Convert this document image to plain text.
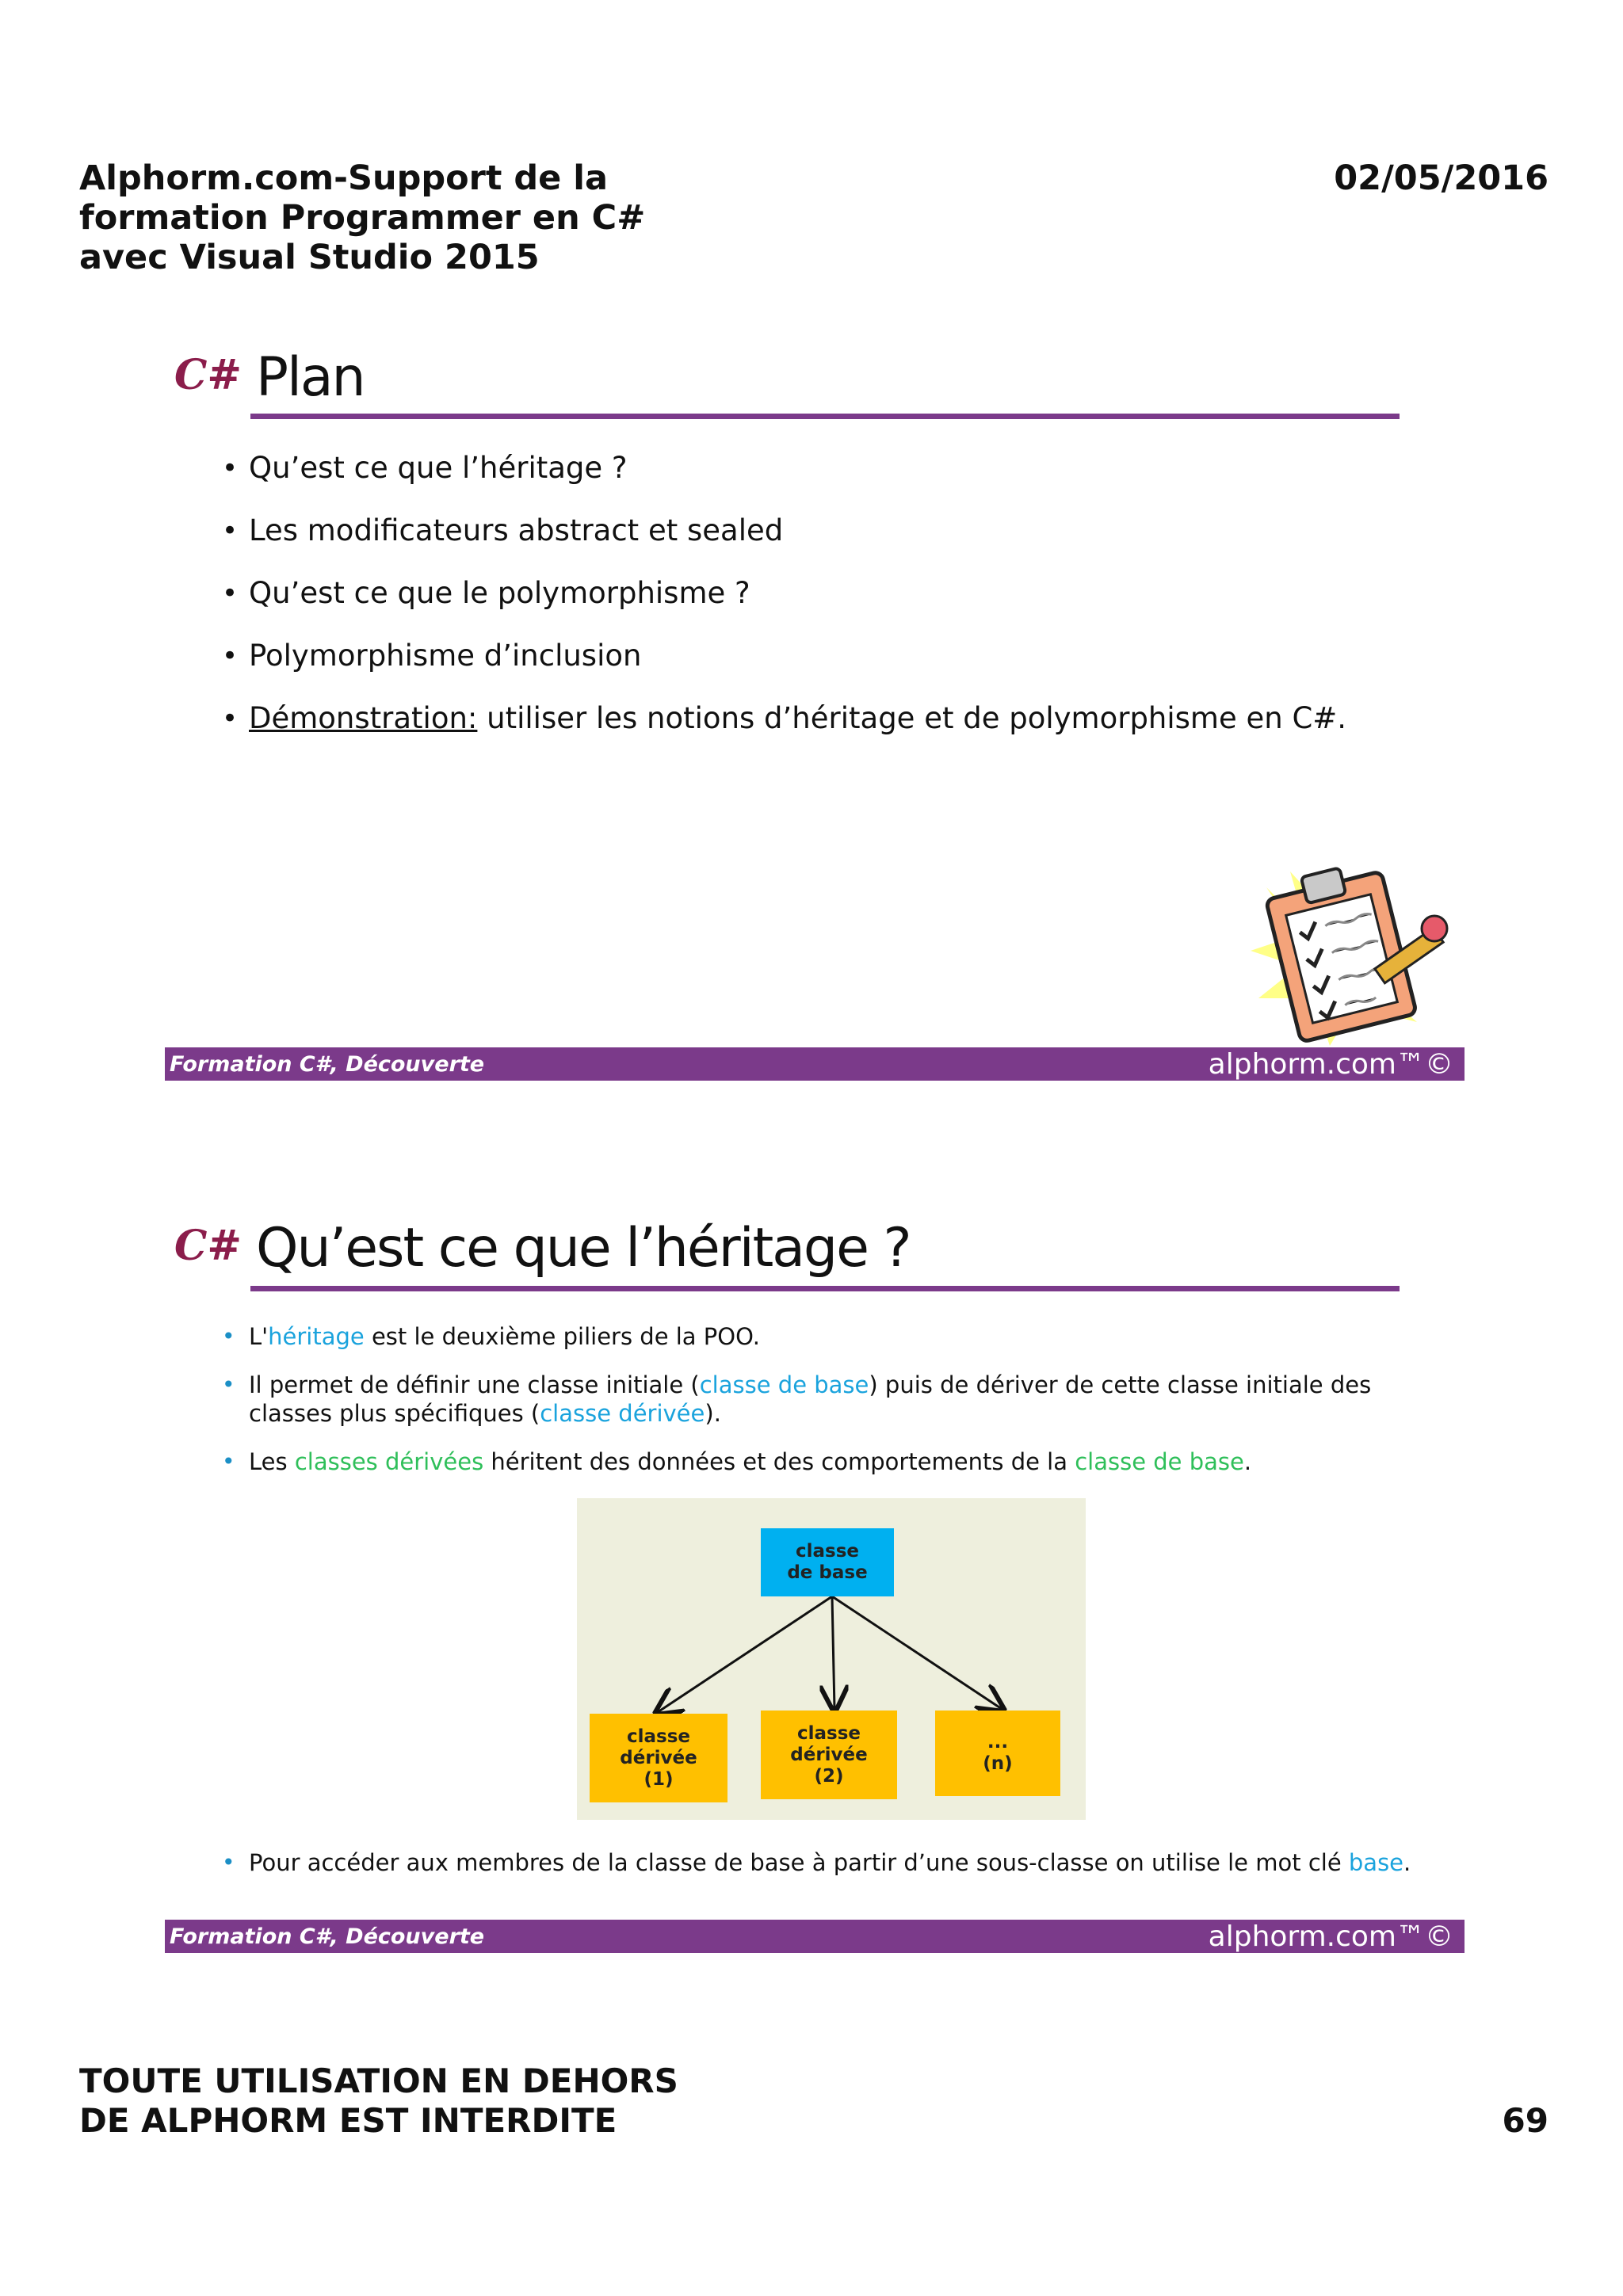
Alphorm.com-Support de la
formation Programmer en C#
avec Visual Studio 2015
02/05/2016
C# Plan
• Qu’est ce que l’héritage ?
• Les modificateurs abstract et sealed
• Qu’est ce que le polymorphisme ?
• Polymorphisme d’inclusion
• Démonstration: utiliser les notions d’héritage et de polymorphisme en C#.
Formation C#, Découverte	alphorm.com™©
C# Qu’est ce que l’héritage ?
• L'héritage est le deuxième piliers de la POO.
• Il permet de définir une classe initiale (classe de base) puis de dériver de cette classe initiale des classes plus spécifiques (classe dérivée).
• Les classes dérivées héritent des données et des comportements de la classe de base.
classe
de base
classe
dérivée
(1)
classe
dérivée
(2)
...
(n)
• Pour accéder aux membres de la classe de base à partir d’une sous-classe on utilise le mot clé base.
Formation C#, Découverte	alphorm.com™©
TOUTE UTILISATION EN DEHORS
DE ALPHORM EST INTERDITE	69
